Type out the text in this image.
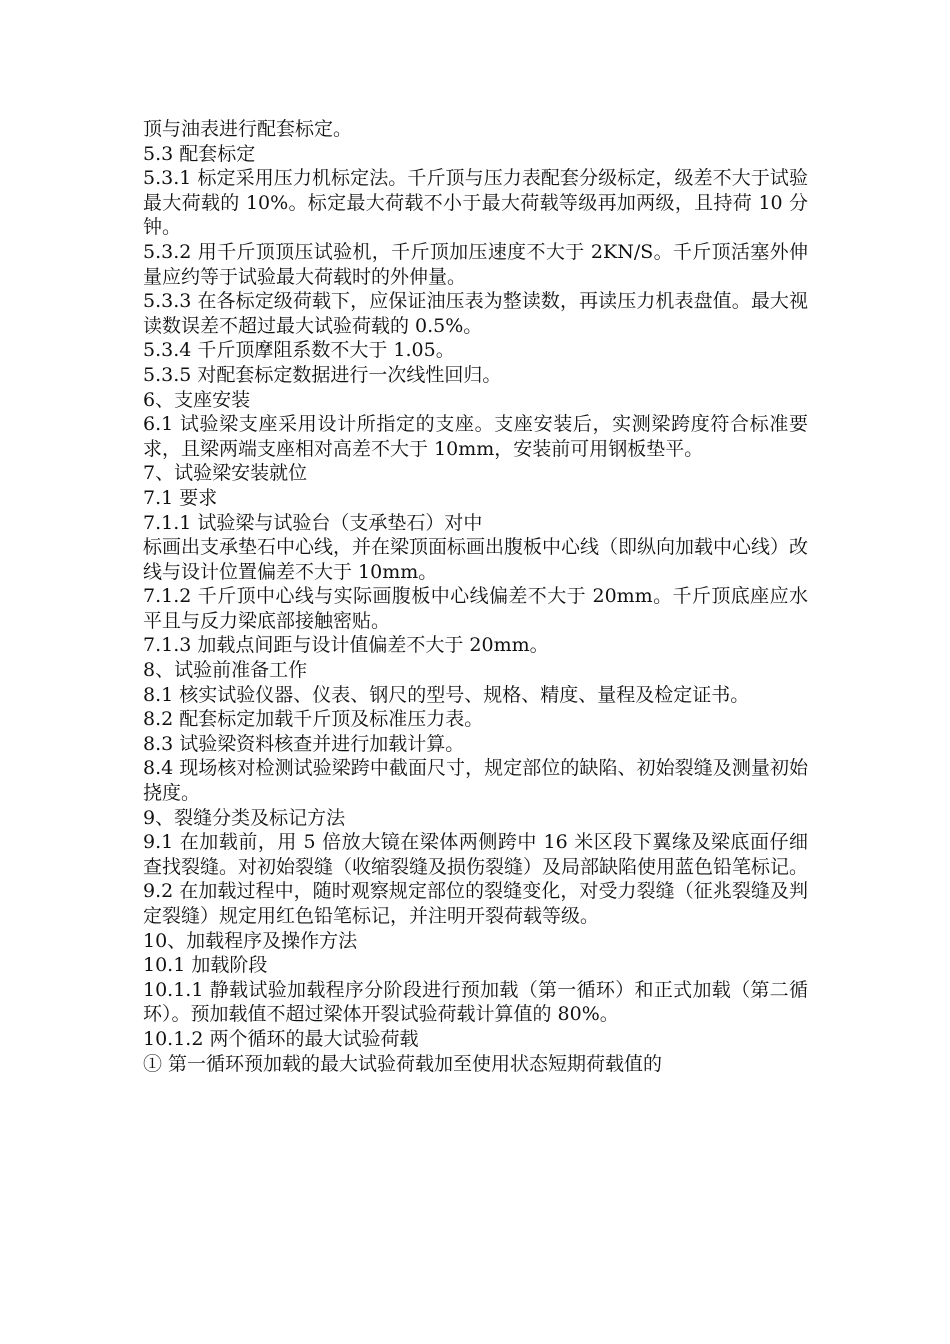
顶与油表进行配套标定。

5.3 配套标定

5.3.1 标定采用压力机标定法。千斤顶与压力表配套分级标定，级差不大于试验最大荷载的 10%。标定最大荷载不小于最大荷载等级再加两级，且持荷 10 分钟。

5.3.2 用千斤顶顶压试验机，千斤顶加压速度不大于 2KN/S。千斤顶活塞外伸量应约等于试验最大荷载时的外伸量。

5.3.3 在各标定级荷载下，应保证油压表为整读数，再读压力机表盘值。最大视读数误差不超过最大试验荷载的 0.5%。

5.3.4 千斤顶摩阻系数不大于 1.05。

5.3.5 对配套标定数据进行一次线性回归。

6、支座安装

6.1 试验梁支座采用设计所指定的支座。支座安装后，实测梁跨度符合标准要求，且梁两端支座相对高差不大于 10mm，安装前可用钢板垫平。

7、试验梁安装就位

7.1 要求

7.1.1 试验梁与试验台（支承垫石）对中

标画出支承垫石中心线，并在梁顶面标画出腹板中心线（即纵向加载中心线）改线与设计位置偏差不大于 10mm。

7.1.2 千斤顶中心线与实际画腹板中心线偏差不大于 20mm。千斤顶底座应水平且与反力梁底部接触密贴。

7.1.3 加载点间距与设计值偏差不大于 20mm。

8、试验前准备工作

8.1 核实试验仪器、仪表、钢尺的型号、规格、精度、量程及检定证书。

8.2 配套标定加载千斤顶及标准压力表。

8.3 试验梁资料核查并进行加载计算。

8.4 现场核对检测试验梁跨中截面尺寸，规定部位的缺陷、初始裂缝及测量初始挠度。

9、裂缝分类及标记方法

9.1 在加载前，用 5 倍放大镜在梁体两侧跨中 16 米区段下翼缘及梁底面仔细查找裂缝。对初始裂缝（收缩裂缝及损伤裂缝）及局部缺陷使用蓝色铅笔标记。

9.2 在加载过程中，随时观察规定部位的裂缝变化，对受力裂缝（征兆裂缝及判定裂缝）规定用红色铅笔标记，并注明开裂荷载等级。

10、加载程序及操作方法

10.1 加载阶段

10.1.1 静载试验加载程序分阶段进行预加载（第一循环）和正式加载（第二循环）。预加载值不超过梁体开裂试验荷载计算值的 80%。

10.1.2 两个循环的最大试验荷载

① 第一循环预加载的最大试验荷载加至使用状态短期荷载值的
